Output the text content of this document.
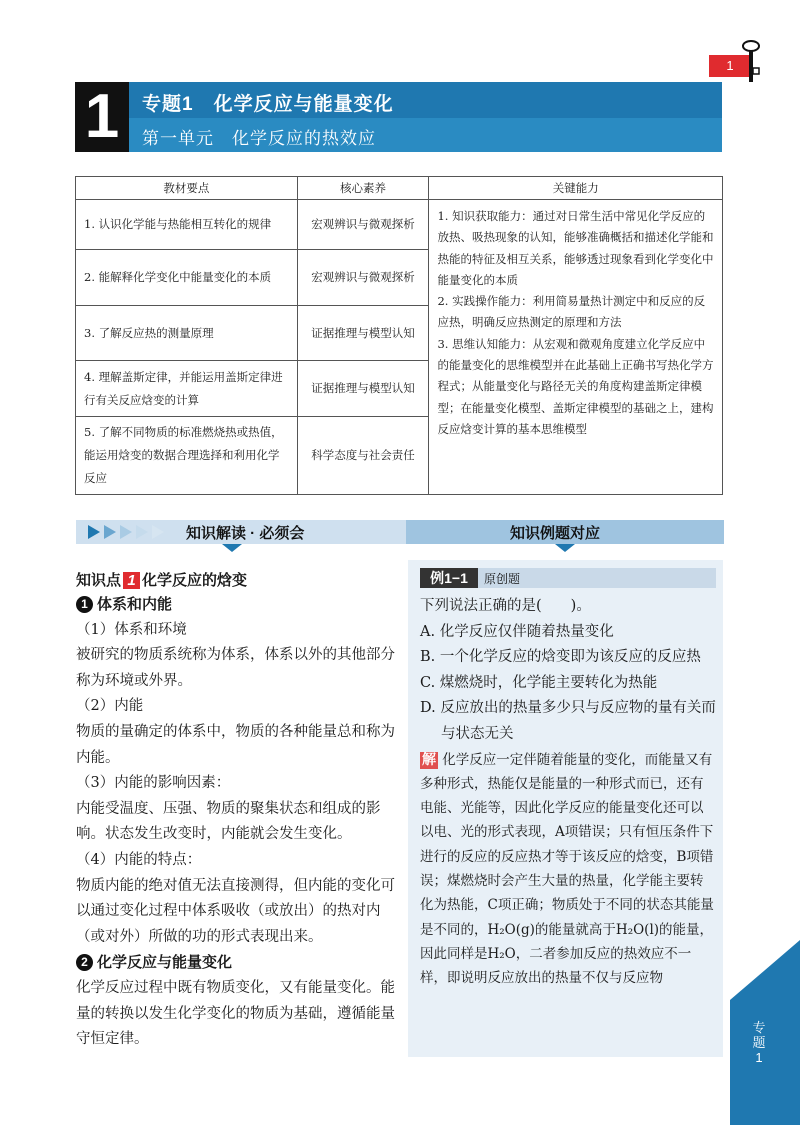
1
1	专题1　化学反应与能量变化
第一单元　化学反应的热效应
教材要点	核心素养	关键能力
1. 认识化学能与热能相互转化的规律	宏观辨识与微观探析	1. 知识获取能力：通过对日常生活中常见化学反应的放热、吸热现象的认知，能够准确概括和描述化学能和热能的特征及相互关系，能够透过现象看到化学变化中能量变化的本质
2. 实践操作能力：利用简易量热计测定中和反应的反应热，明确反应热测定的原理和方法
3. 思维认知能力：从宏观和微观角度建立化学反应中的能量变化的思维模型并在此基础上正确书写热化学方程式；从能量变化与路径无关的角度构建盖斯定律模型；在能量变化模型、盖斯定律模型的基础之上，建构反应焓变计算的基本思维模型

2. 能解释化学变化中能量变化的本质	宏观辨识与微观探析	
3. 了解反应热的测量原理	证据推理与模型认知	
4. 理解盖斯定律，并能运用盖斯定律进行有关反应焓变的计算	证据推理与模型认知	
5. 了解不同物质的标准燃烧热或热值，能运用焓变的数据合理选择和利用化学反应	科学态度与社会责任	
知识解读 · 必须会	知识例题对应
知识点 1 化学反应的焓变

1 体系和内能

（1）体系和环境

被研究的物质系统称为体系，体系以外的其他部分称为环境或外界。

（2）内能

物质的量确定的体系中，物质的各种能量总和称为内能。

（3）内能的影响因素：

内能受温度、压强、物质的聚集状态和组成的影响。状态发生改变时，内能就会发生变化。

（4）内能的特点：

物质内能的绝对值无法直接测得，但内能的变化可以通过变化过程中体系吸收（或放出）的热对内（或对外）所做的功的形式表现出来。

2 化学反应与能量变化

化学反应过程中既有物质变化，又有能量变化。能量的转换以发生化学变化的物质为基础，遵循能量守恒定律。

例1−1	原创题

下列说法正确的是(　　)。

A. 化学反应仅伴随着热量变化

B. 一个化学反应的焓变即为该反应的反应热

C. 煤燃烧时，化学能主要转化为热能

D. 反应放出的热量多少只与反应物的量有关而与状态无关

解 化学反应一定伴随着能量的变化，而能量又有多种形式，热能仅是能量的一种形式而已，还有电能、光能等，因此化学反应的能量变化还可以以电、光的形式表现，A项错误；只有恒压条件下进行的反应的反应热才等于该反应的焓变，B项错误；煤燃烧时会产生大量的热量，化学能主要转化为热能，C项正确；物质处于不同的状态其能量是不同的，H₂O(g)的能量就高于H₂O(l)的能量，因此同样是H₂O，二者参加反应的热效应不一样，即说明反应放出的热量不仅与反应物

专题1
